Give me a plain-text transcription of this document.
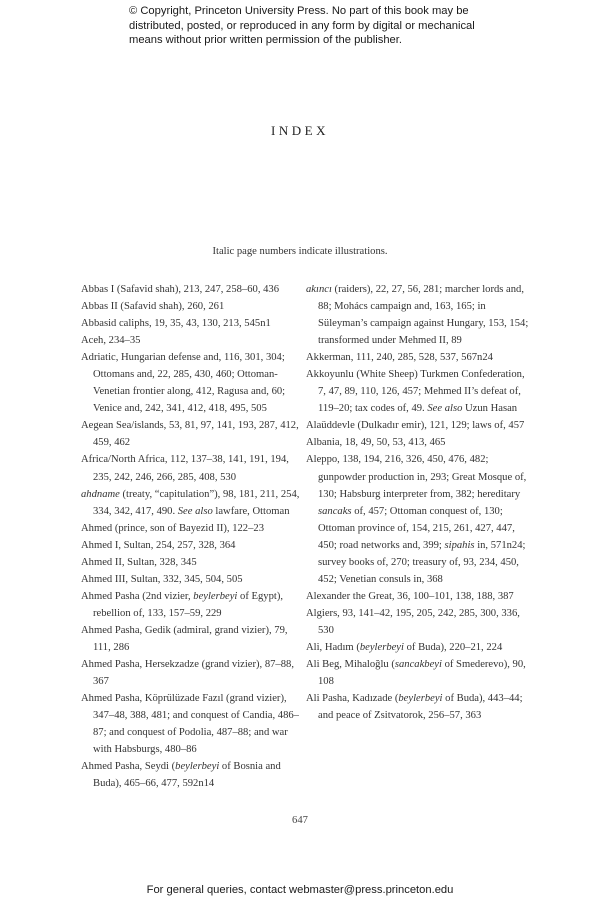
© Copyright, Princeton University Press. No part of this book may be distributed, posted, or reproduced in any form by digital or mechanical means without prior written permission of the publisher.
INDEX
Italic page numbers indicate illustrations.
Abbas I (Safavid shah), 213, 247, 258–60, 436
Abbas II (Safavid shah), 260, 261
Abbasid caliphs, 19, 35, 43, 130, 213, 545n1
Aceh, 234–35
Adriatic, Hungarian defense and, 116, 301, 304; Ottomans and, 22, 285, 430, 460; Ottoman-Venetian frontier along, 412, Ragusa and, 60; Venice and, 242, 341, 412, 418, 495, 505
Aegean Sea/islands, 53, 81, 97, 141, 193, 287, 412, 459, 462
Africa/North Africa, 112, 137–38, 141, 191, 194, 235, 242, 246, 266, 285, 408, 530
ahdname (treaty, “capitulation”), 98, 181, 211, 254, 334, 342, 417, 490. See also lawfare, Ottoman
Ahmed (prince, son of Bayezid II), 122–23
Ahmed I, Sultan, 254, 257, 328, 364
Ahmed II, Sultan, 328, 345
Ahmed III, Sultan, 332, 345, 504, 505
Ahmed Pasha (2nd vizier, beylerbeyi of Egypt), rebellion of, 133, 157–59, 229
Ahmed Pasha, Gedik (admiral, grand vizier), 79, 111, 286
Ahmed Pasha, Hersekzadze (grand vizier), 87–88, 367
Ahmed Pasha, Köprülüzade Fazıl (grand vizier), 347–48, 388, 481; and conquest of Candia, 486–87; and conquest of Podolia, 487–88; and war with Habsburgs, 480–86
Ahmed Pasha, Seydi (beylerbeyi of Bosnia and Buda), 465–66, 477, 592n14
akıncı (raiders), 22, 27, 56, 281; marcher lords and, 88; Mohács campaign and, 163, 165; in Süleyman’s campaign against Hungary, 153, 154; transformed under Mehmed II, 89
Akkerman, 111, 240, 285, 528, 537, 567n24
Akkoyunlu (White Sheep) Turkmen Confederation, 7, 47, 89, 110, 126, 457; Mehmed II’s defeat of, 119–20; tax codes of, 49. See also Uzun Hasan
Alaüddevle (Dulkadır emir), 121, 129; laws of, 457
Albania, 18, 49, 50, 53, 413, 465
Aleppo, 138, 194, 216, 326, 450, 476, 482; gunpowder production in, 293; Great Mosque of, 130; Habsburg interpreter from, 382; hereditary sancaks of, 457; Ottoman conquest of, 130; Ottoman province of, 154, 215, 261, 427, 447, 450; road networks and, 399; sipahis in, 571n24; survey books of, 270; treasury of, 93, 234, 450, 452; Venetian consuls in, 368
Alexander the Great, 36, 100–101, 138, 188, 387
Algiers, 93, 141–42, 195, 205, 242, 285, 300, 336, 530
Ali, Hadım (beylerbeyi of Buda), 220–21, 224
Ali Beg, Mihaloğlu (sancakbeyi of Smederevo), 90, 108
Ali Pasha, Kadızade (beylerbeyi of Buda), 443–44; and peace of Zsitvatorok, 256–57, 363
647
For general queries, contact webmaster@press.princeton.edu
